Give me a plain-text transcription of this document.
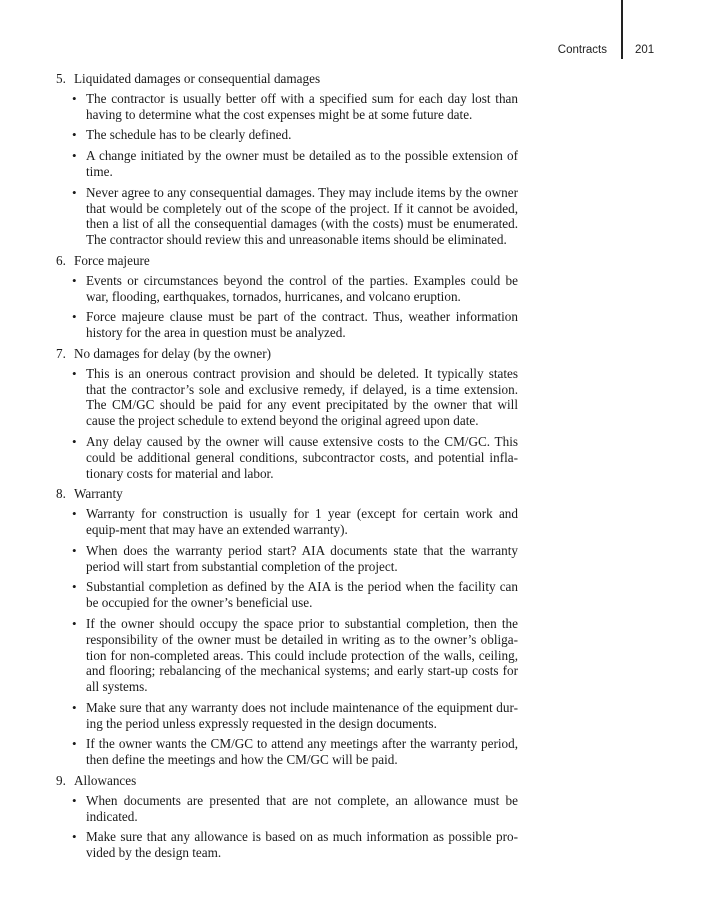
Contracts 201
5. Liquidated damages or consequential damages
• The contractor is usually better off with a specified sum for each day lost than having to determine what the cost expenses might be at some future date.
• The schedule has to be clearly defined.
• A change initiated by the owner must be detailed as to the possible extension of time.
• Never agree to any consequential damages. They may include items by the owner that would be completely out of the scope of the project. If it cannot be avoided, then a list of all the consequential damages (with the costs) must be enumerated. The contractor should review this and unreasonable items should be eliminated.
6. Force majeure
• Events or circumstances beyond the control of the parties. Examples could be war, flooding, earthquakes, tornados, hurricanes, and volcano eruption.
• Force majeure clause must be part of the contract. Thus, weather information history for the area in question must be analyzed.
7. No damages for delay (by the owner)
• This is an onerous contract provision and should be deleted. It typically states that the contractor’s sole and exclusive remedy, if delayed, is a time extension. The CM/GC should be paid for any event precipitated by the owner that will cause the project schedule to extend beyond the original agreed upon date.
• Any delay caused by the owner will cause extensive costs to the CM/GC. This could be additional general conditions, subcontractor costs, and potential infla-tionary costs for material and labor.
8. Warranty
• Warranty for construction is usually for 1 year (except for certain work and equip-ment that may have an extended warranty).
• When does the warranty period start? AIA documents state that the warranty period will start from substantial completion of the project.
• Substantial completion as defined by the AIA is the period when the facility can be occupied for the owner’s beneficial use.
• If the owner should occupy the space prior to substantial completion, then the responsibility of the owner must be detailed in writing as to the owner’s obliga-tion for non-completed areas. This could include protection of the walls, ceiling, and flooring; rebalancing of the mechanical systems; and early start-up costs for all systems.
• Make sure that any warranty does not include maintenance of the equipment dur-ing the period unless expressly requested in the design documents.
• If the owner wants the CM/GC to attend any meetings after the warranty period, then define the meetings and how the CM/GC will be paid.
9. Allowances
• When documents are presented that are not complete, an allowance must be indicated.
• Make sure that any allowance is based on as much information as possible pro-vided by the design team.
